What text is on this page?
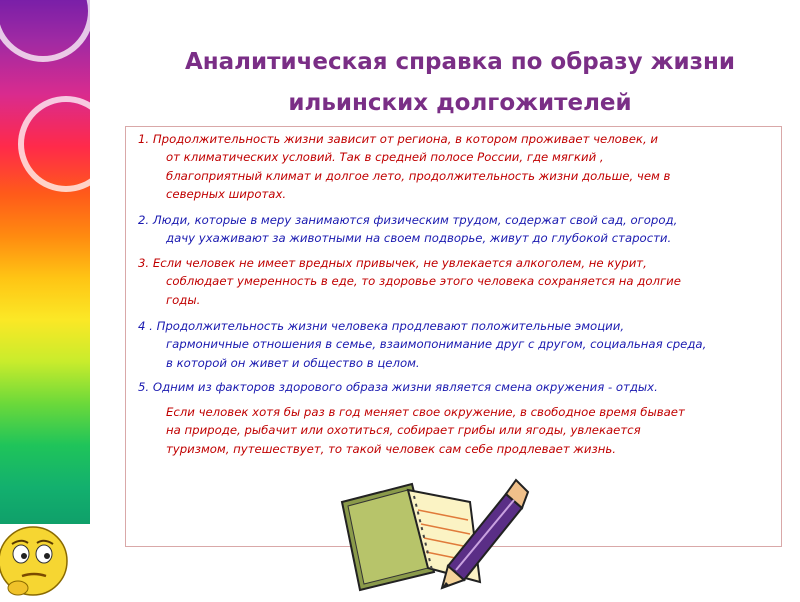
Аналитическая справка по образу жизни
ильинских долгожителей
1. Продолжительность жизни зависит от региона, в котором проживает человек, и
от климатических условий. Так в средней полосе России, где мягкий ,
благоприятный климат и долгое лето, продолжительность жизни дольше, чем в
северных широтах.
2. Люди, которые в меру занимаются физическим трудом, содержат свой сад, огород,
дачу ухаживают за животными на своем подворье, живут до глубокой старости.
3. Если человек не имеет вредных привычек, не увлекается алкоголем, не курит,
соблюдает умеренность в еде, то здоровье этого человека сохраняется на долгие
годы.
4 . Продолжительность жизни человека продлевают положительные эмоции,
гармоничные отношения в семье, взаимопонимание друг с другом, социальная среда,
в которой он живет и общество в целом.
5. Одним из факторов здорового образа жизни является смена окружения - отдых.
Если человек хотя бы раз в год меняет свое окружение, в свободное время бывает
на природе, рыбачит или охотиться, собирает грибы или ягоды, увлекается
туризмом, путешествует, то такой человек сам себе продлевает жизнь.
